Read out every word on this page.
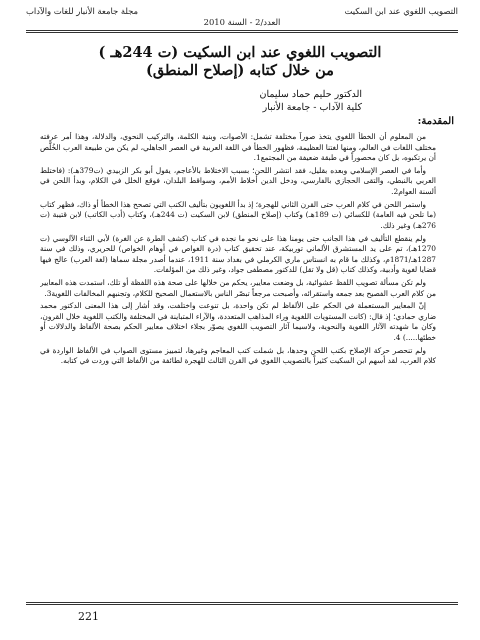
التصويب اللغوي عند ابن السكيت
مجلة جامعة الأنبار للغات والآداب
العدد/2 - السنة 2010
التصويب اللغوي عند ابن السكيت (ت 244هـ )
من خلال كتابه (إصلاح المنطق)
الدكتور حليم حماد سليمان
كلية الآداب - جامعة الأنبار
المقدمة:

من المعلوم أن الخطأ اللغوي يتخذ صوراً مختلفة تشمل: الأصوات، وبنية الكلمة، والتركيب النحوي، والدلالة، وهذا أمر عرفته مختلف اللغات في العالم، ومنها لغتنا العظيمة، فظهور الخطأ في اللغة العربية في العصر الجاهلي، لم يكن من طبيعة العرب الخُلَّص أن يرتكبوه، بل كان محصوراً في طبقة ضعيفة من المجتمع1.

وأما في العصر الإسلامي وبعده بقليل، فقد انتشر اللحن؛ بسبب الاختلاط بالأعاجم، يقول أبو بكر الزبيدي (ت379هـ): (فاختلط العربي بالنبطي، والتقى الحجازي بالفارسي، ودخل الدين أخلاط الأمم، وسواقط البلدان، فوقع الخلل في الكلام، وبدأ اللحن في ألسنة العوام2.

واستمر اللحن في كلام العرب حتى القرن الثاني للهجرة؛ إذ بدأ اللغويون بتأليف الكتب التي تصحح هذا الخطأ أو ذاك، فظهر كتاب (ما تلحن فيه العامة) للكسائي (ت 189هـ) وكتاب (إصلاح المنطق) لابن السكيت (ت 244هـ)، وكتاب (أدب الكاتب) لابن قتيبة (ت 276هـ) وغير ذلك.

ولم ينقطع التأليف في هذا الجانب حتى يومنا هذا على نحو ما نجده في كتاب (كشف الطرة عن الغرة) لأبي الثناء الآلوسي (ت 1270هـ)، تم على يد المستشرق الألماني توربيكة، عند تحقيق كتاب (درة الغواص في أوهام الخواص) للحريري، وذلك في سنة 1287هـ/1871م، وكذلك ما قام به انستاس ماري الكرملي في بغداد سنة 1911، عندما أصدر مجلة سماها (لغة العرب) عالج فيها قضايا لغوية وأدبية، وكذلك كتاب (قل ولا تقل) للدكتور مصطفى جواد، وغير ذلك من المؤلفات.

ولم تكن مسألة تصويب اللفظ عشوائية، بل وضعت معايير، يحكم من خلالها على صحة هذه اللفظة أو تلك، استمدت هذه المعايير من كلام العرب الفصيح بعد جمعه واستقرائه، وأصبحت مرجعاً تبصّر الناس بالاستعمال الصحيح للكلام، وتجنبهم المخالفات اللغوية3.

إنّ المعايير المستعملة في الحكم على الألفاظ لم تكن واحدة، بل تنوعت واختلفت، وقد أشار إلى هذا المعنى الدكتور محمد ضاري حمادي؛ إذ قال: (كانت المستويات اللغوية وراء المذاهب المتعددة، والآراء المتباينة في المختلفة والكتب اللغوية خلال القرون، وكان ما شهدته الآثار اللغوية والنحوية، ولاسيما آثار التصويب اللغوي يصوّر بجلاء اختلاف معايير الحكم بصحة الألفاظ والدلالات أو خطئها.....) 4.

ولم تنحصر حركة الإصلاح بكتب اللحن وحدها، بل شملت كتب المعاجم وغيرها، لتمييز مستوى الصواب في الألفاظ الواردة في كلام العرب، لقد أسهم ابن السكيت كثيراً بالتصويب اللغوي في القرن الثالث للهجرة لطائفة من الألفاظ التي وردت في كتابه.

221
